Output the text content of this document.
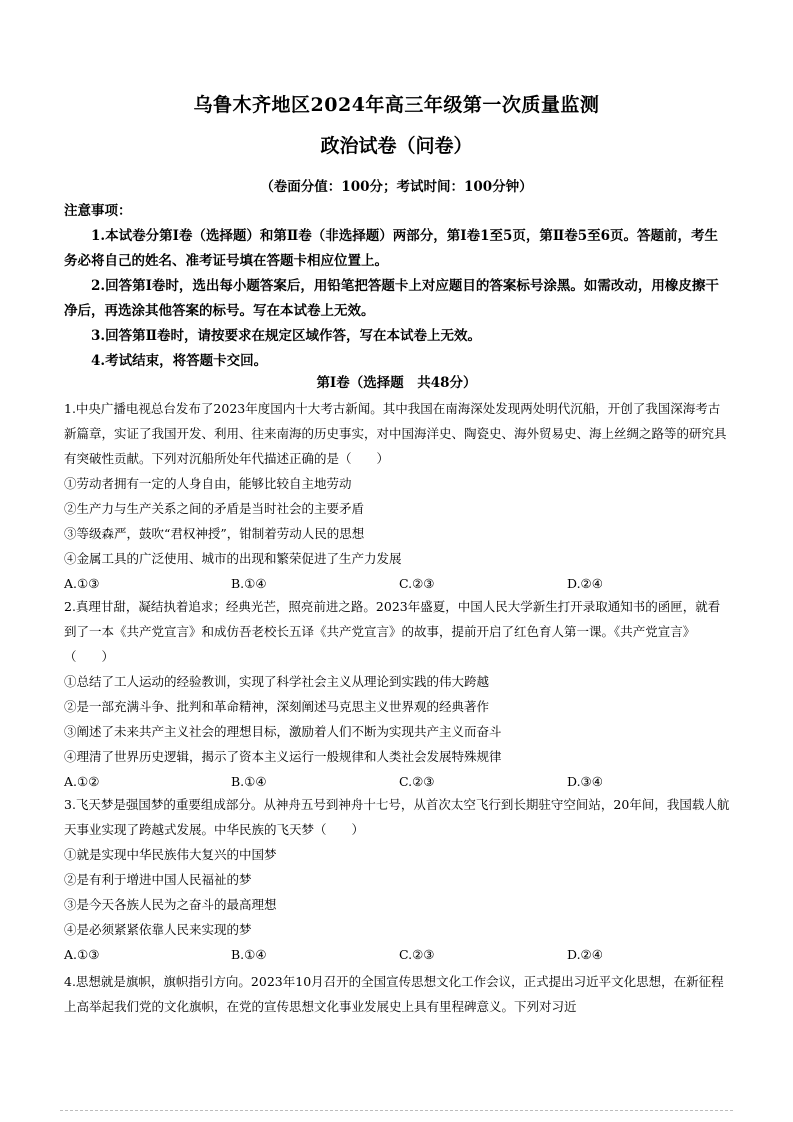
乌鲁木齐地区2024年高三年级第一次质量监测
政治试卷（问卷）
（卷面分值：100分；考试时间：100分钟）
注意事项：

1.本试卷分第Ⅰ卷（选择题）和第Ⅱ卷（非选择题）两部分，第Ⅰ卷1至5页，第Ⅱ卷5至6页。答题前，考生务必将自己的姓名、准考证号填在答题卡相应位置上。

2.回答第Ⅰ卷时，选出每小题答案后，用铅笔把答题卡上对应题目的答案标号涂黑。如需改动，用橡皮擦干净后，再选涂其他答案的标号。写在本试卷上无效。

3.回答第Ⅱ卷时，请按要求在规定区域作答，写在本试卷上无效。

4.考试结束，将答题卡交回。

第Ⅰ卷（选择题　共48分）

1.中央广播电视总台发布了2023年度国内十大考古新闻。其中我国在南海深处发现两处明代沉船，开创了我国深海考古新篇章，实证了我国开发、利用、往来南海的历史事实，对中国海洋史、陶瓷史、海外贸易史、海上丝绸之路等的研究具有突破性贡献。下列对沉船所处年代描述正确的是（　　）

①劳动者拥有一定的人身自由，能够比较自主地劳动

②生产力与生产关系之间的矛盾是当时社会的主要矛盾

③等级森严，鼓吹“君权神授”，钳制着劳动人民的思想

④金属工具的广泛使用、城市的出现和繁荣促进了生产力发展

A.①③	B.①④	C.②③	D.②④

2.真理甘甜，凝结执着追求；经典光芒，照亮前进之路。2023年盛夏，中国人民大学新生打开录取通知书的函匣，就看到了一本《共产党宣言》和成仿吾老校长五译《共产党宣言》的故事，提前开启了红色育人第一课。《共产党宣言》（　　）

①总结了工人运动的经验教训，实现了科学社会主义从理论到实践的伟大跨越

②是一部充满斗争、批判和革命精神，深刻阐述马克思主义世界观的经典著作

③阐述了未来共产主义社会的理想目标，激励着人们不断为实现共产主义而奋斗

④理清了世界历史逻辑，揭示了资本主义运行一般规律和人类社会发展特殊规律

A.①②	B.①④	C.②③	D.③④

3.飞天梦是强国梦的重要组成部分。从神舟五号到神舟十七号，从首次太空飞行到长期驻守空间站，20年间，我国载人航天事业实现了跨越式发展。中华民族的飞天梦（　　）

①就是实现中华民族伟大复兴的中国梦

②是有利于增进中国人民福祉的梦

③是今天各族人民为之奋斗的最高理想

④是必须紧紧依靠人民来实现的梦

A.①③	B.①④	C.②③	D.②④

4.思想就是旗帜，旗帜指引方向。2023年10月召开的全国宣传思想文化工作会议，正式提出习近平文化思想，在新征程上高举起我们党的文化旗帜，在党的宣传思想文化事业发展史上具有里程碑意义。下列对习近
